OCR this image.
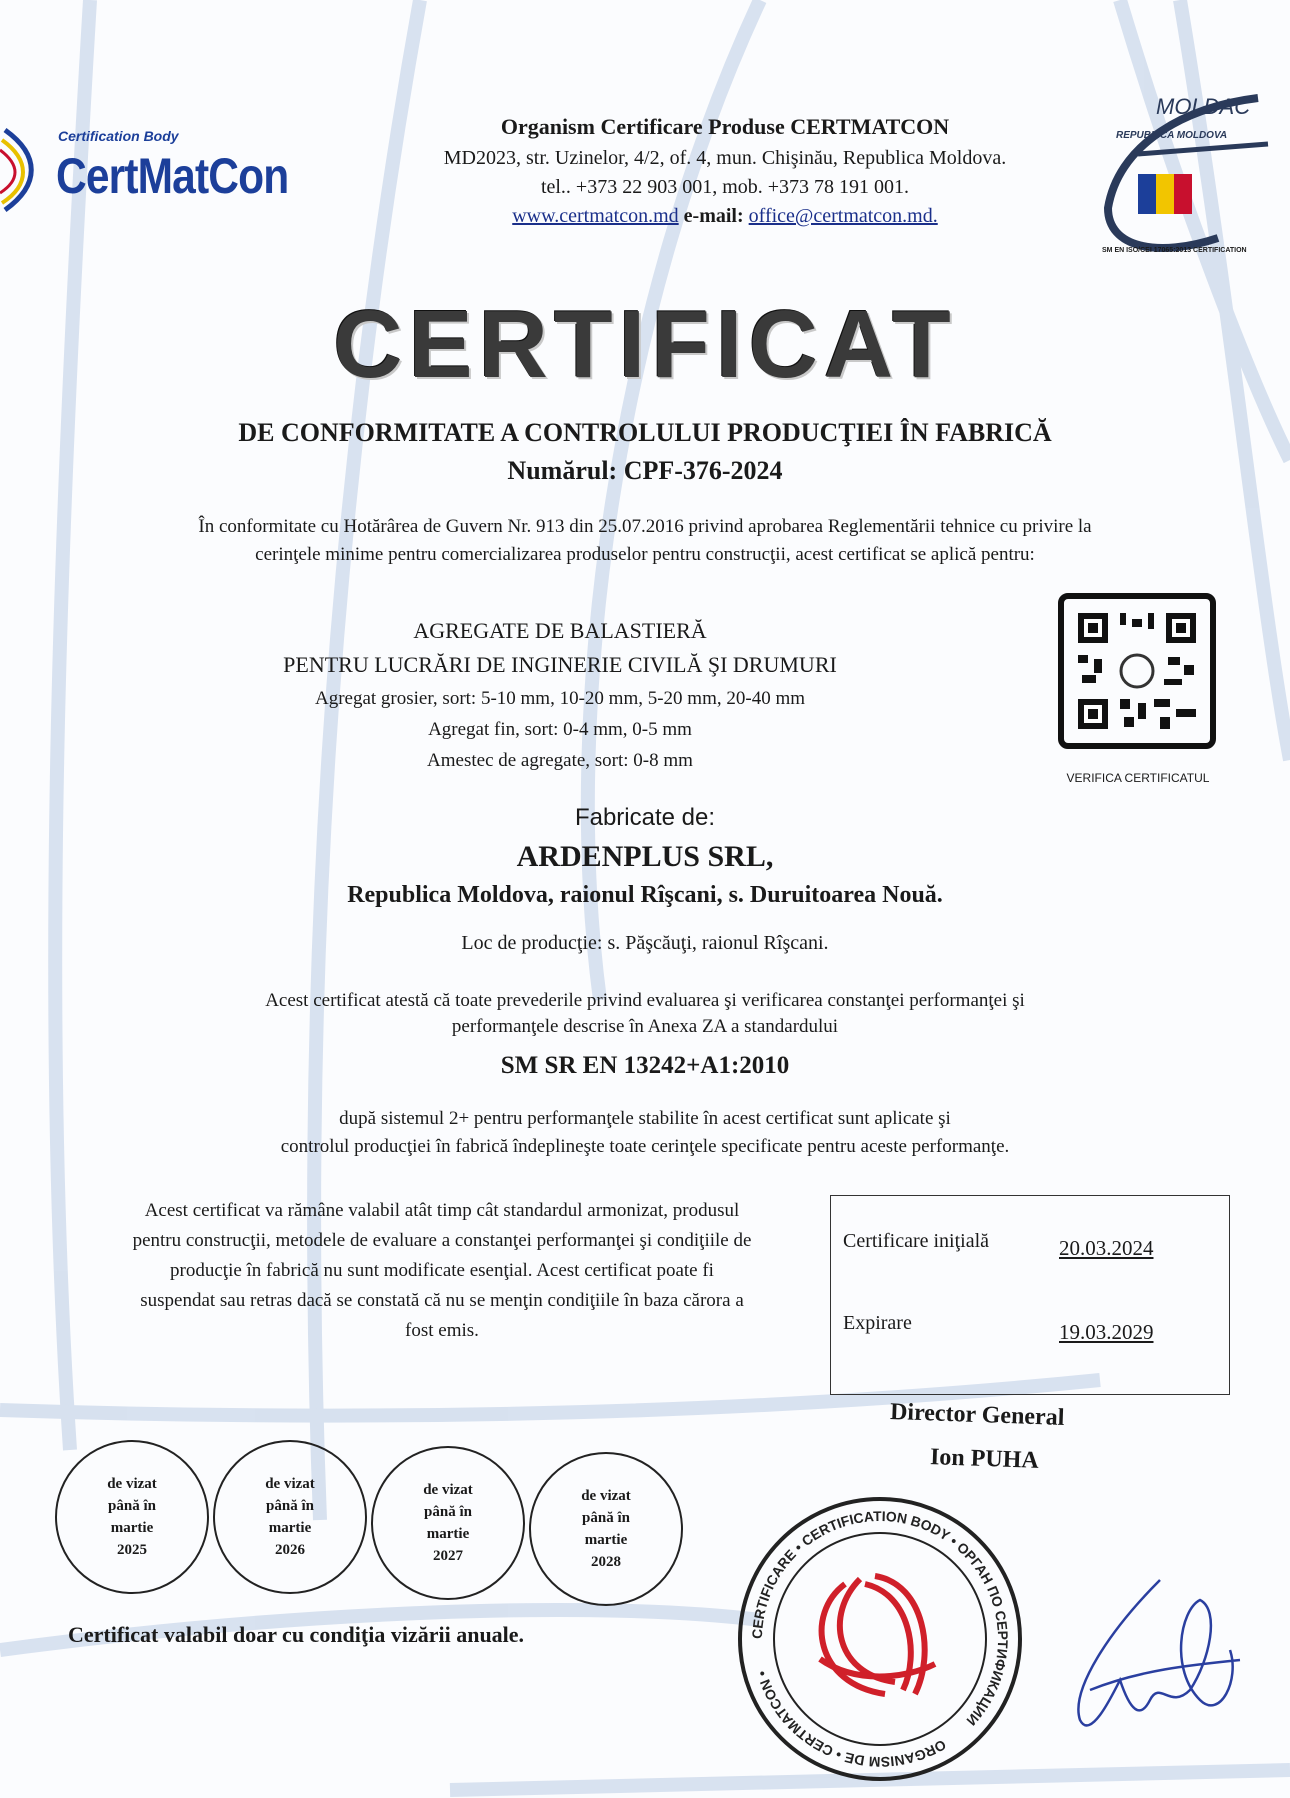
Certification Body
CertMatCon
Organism Certificare Produse CERTMATCON
MD2023, str. Uzinelor, 4/2, of. 4, mun. Chişinău, Republica Moldova.
tel.. +373 22 903 001, mob. +373 78 191 001.
www.certmatcon.md e-mail: office@certmatcon.md.
MOLDAC
REPUBLICA MOLDOVA
SM EN ISO/CEI 17065:2013 CERTIFICATION
CERTIFICAT
DE CONFORMITATE A CONTROLULUI PRODUCŢIEI ÎN FABRICĂ
Numărul: CPF-376-2024
În conformitate cu Hotărârea de Guvern Nr. 913 din 25.07.2016 privind aprobarea Reglementării tehnice cu privire la
cerinţele minime pentru comercializarea produselor pentru construcţii, acest certificat se aplică pentru:
AGREGATE DE BALASTIERĂ
PENTRU LUCRĂRI DE INGINERIE CIVILĂ ŞI DRUMURI
Agregat grosier, sort: 5-10 mm, 10-20 mm, 5-20 mm, 20-40 mm
Agregat fin, sort: 0-4 mm, 0-5 mm
Amestec de agregate, sort: 0-8 mm
VERIFICA CERTIFICATUL
Fabricate de:
ARDENPLUS SRL,
Republica Moldova, raionul Rîşcani, s. Duruitoarea Nouă.
Loc de producţie: s. Păşcăuţi, raionul Rîşcani.
Acest certificat atestă că toate prevederile privind evaluarea şi verificarea constanţei performanţei şi
performanţele descrise în Anexa ZA a standardului
SM SR EN 13242+A1:2010
după sistemul 2+ pentru performanţele stabilite în acest certificat sunt aplicate şi
controlul producţiei în fabrică îndeplineşte toate cerinţele specificate pentru aceste performanţe.
Acest certificat va rămâne valabil atât timp cât standardul armonizat, produsul
pentru construcţii, metodele de evaluare a constanţei performanţei şi condiţiile de
producţie în fabrică nu sunt modificate esenţial. Acest certificat poate fi
suspendat sau retras dacă se constată că nu se menţin condiţiile în baza cărora a
fost emis.
Certificare iniţială	20.03.2024
Expirare	19.03.2029
Director General
Ion PUHA
de vizat
până în
martie
2025
de vizat
până în
martie
2026
de vizat
până în
martie
2027
de vizat
până în
martie
2028
Certificat valabil doar cu condiţia vizării anuale.	CERTIFICARE • CERTIFICATION BODY • ОРГАН ПО СЕРТИФИКАЦИИ
ORGANISM DE • CERTMATCON •
